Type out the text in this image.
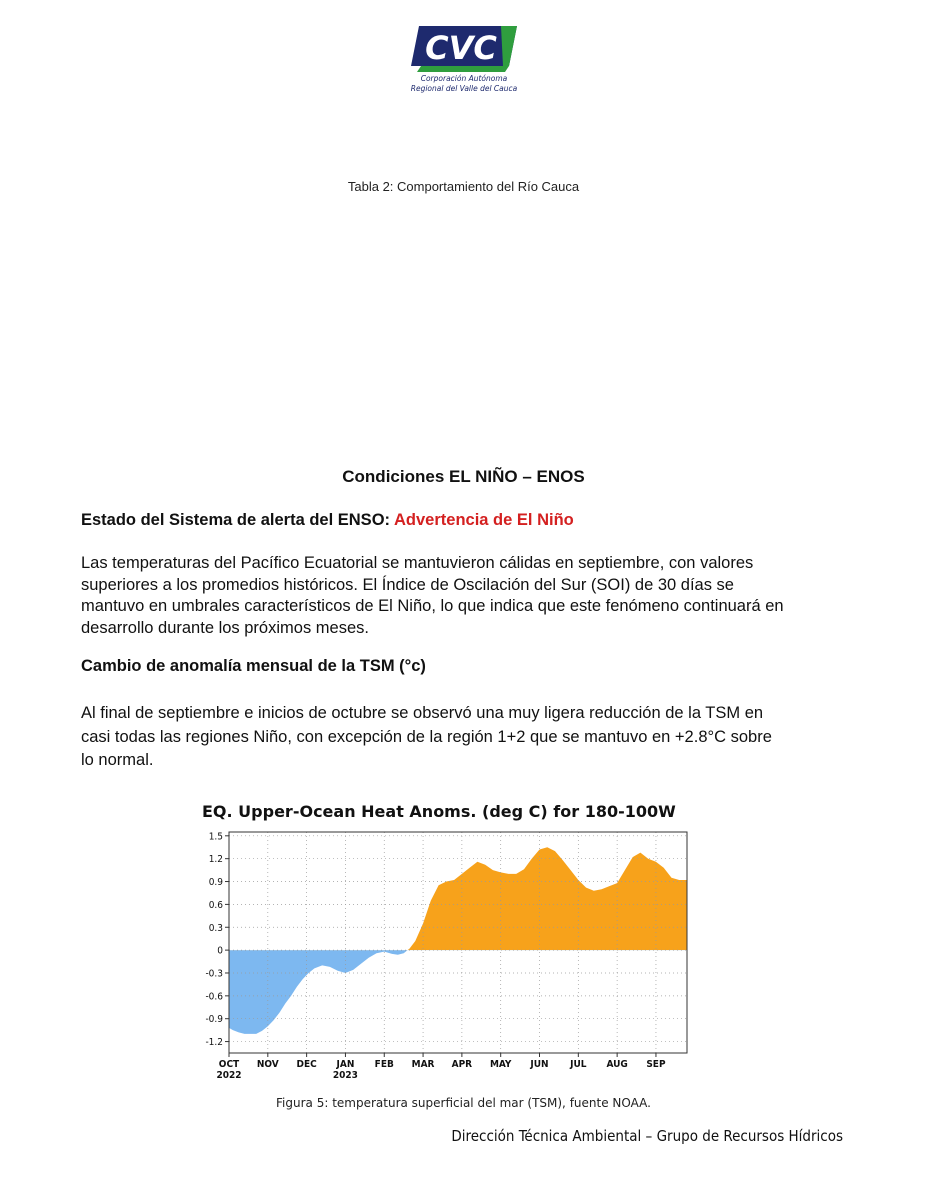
CVC
Corporación Autónoma
Regional del Valle del Cauca
Tabla 2: Comportamiento del Río Cauca
Condiciones EL NIÑO – ENOS
Estado del Sistema de alerta del ENSO: Advertencia de El Niño
Las temperaturas del Pacífico Ecuatorial se mantuvieron cálidas en septiembre, con valores
superiores a los promedios históricos. El Índice de Oscilación del Sur (SOI) de 30 días se
mantuvo en umbrales característicos de El Niño, lo que indica que este fenómeno continuará en
desarrollo durante los próximos meses.
Cambio de anomalía mensual de la TSM (°c)
Al final de septiembre e inicios de octubre se observó una muy ligera reducción de la TSM en
casi todas las regiones Niño, con excepción de la región 1+2 que se mantuvo en +2.8°C sobre
lo normal.
EQ. Upper-Ocean Heat Anoms. (deg C) for 180-100W
1.5
1.2
0.9
0.6
0.3
0
-0.3
-0.6
-0.9
-1.2
OCT
2022
NOV DEC JAN
2023
FEB MAR APR MAY JUN JUL AUG SEP
Figura 5: temperatura superficial del mar (TSM), fuente NOAA.
Dirección Técnica Ambiental – Grupo de Recursos Hídricos
